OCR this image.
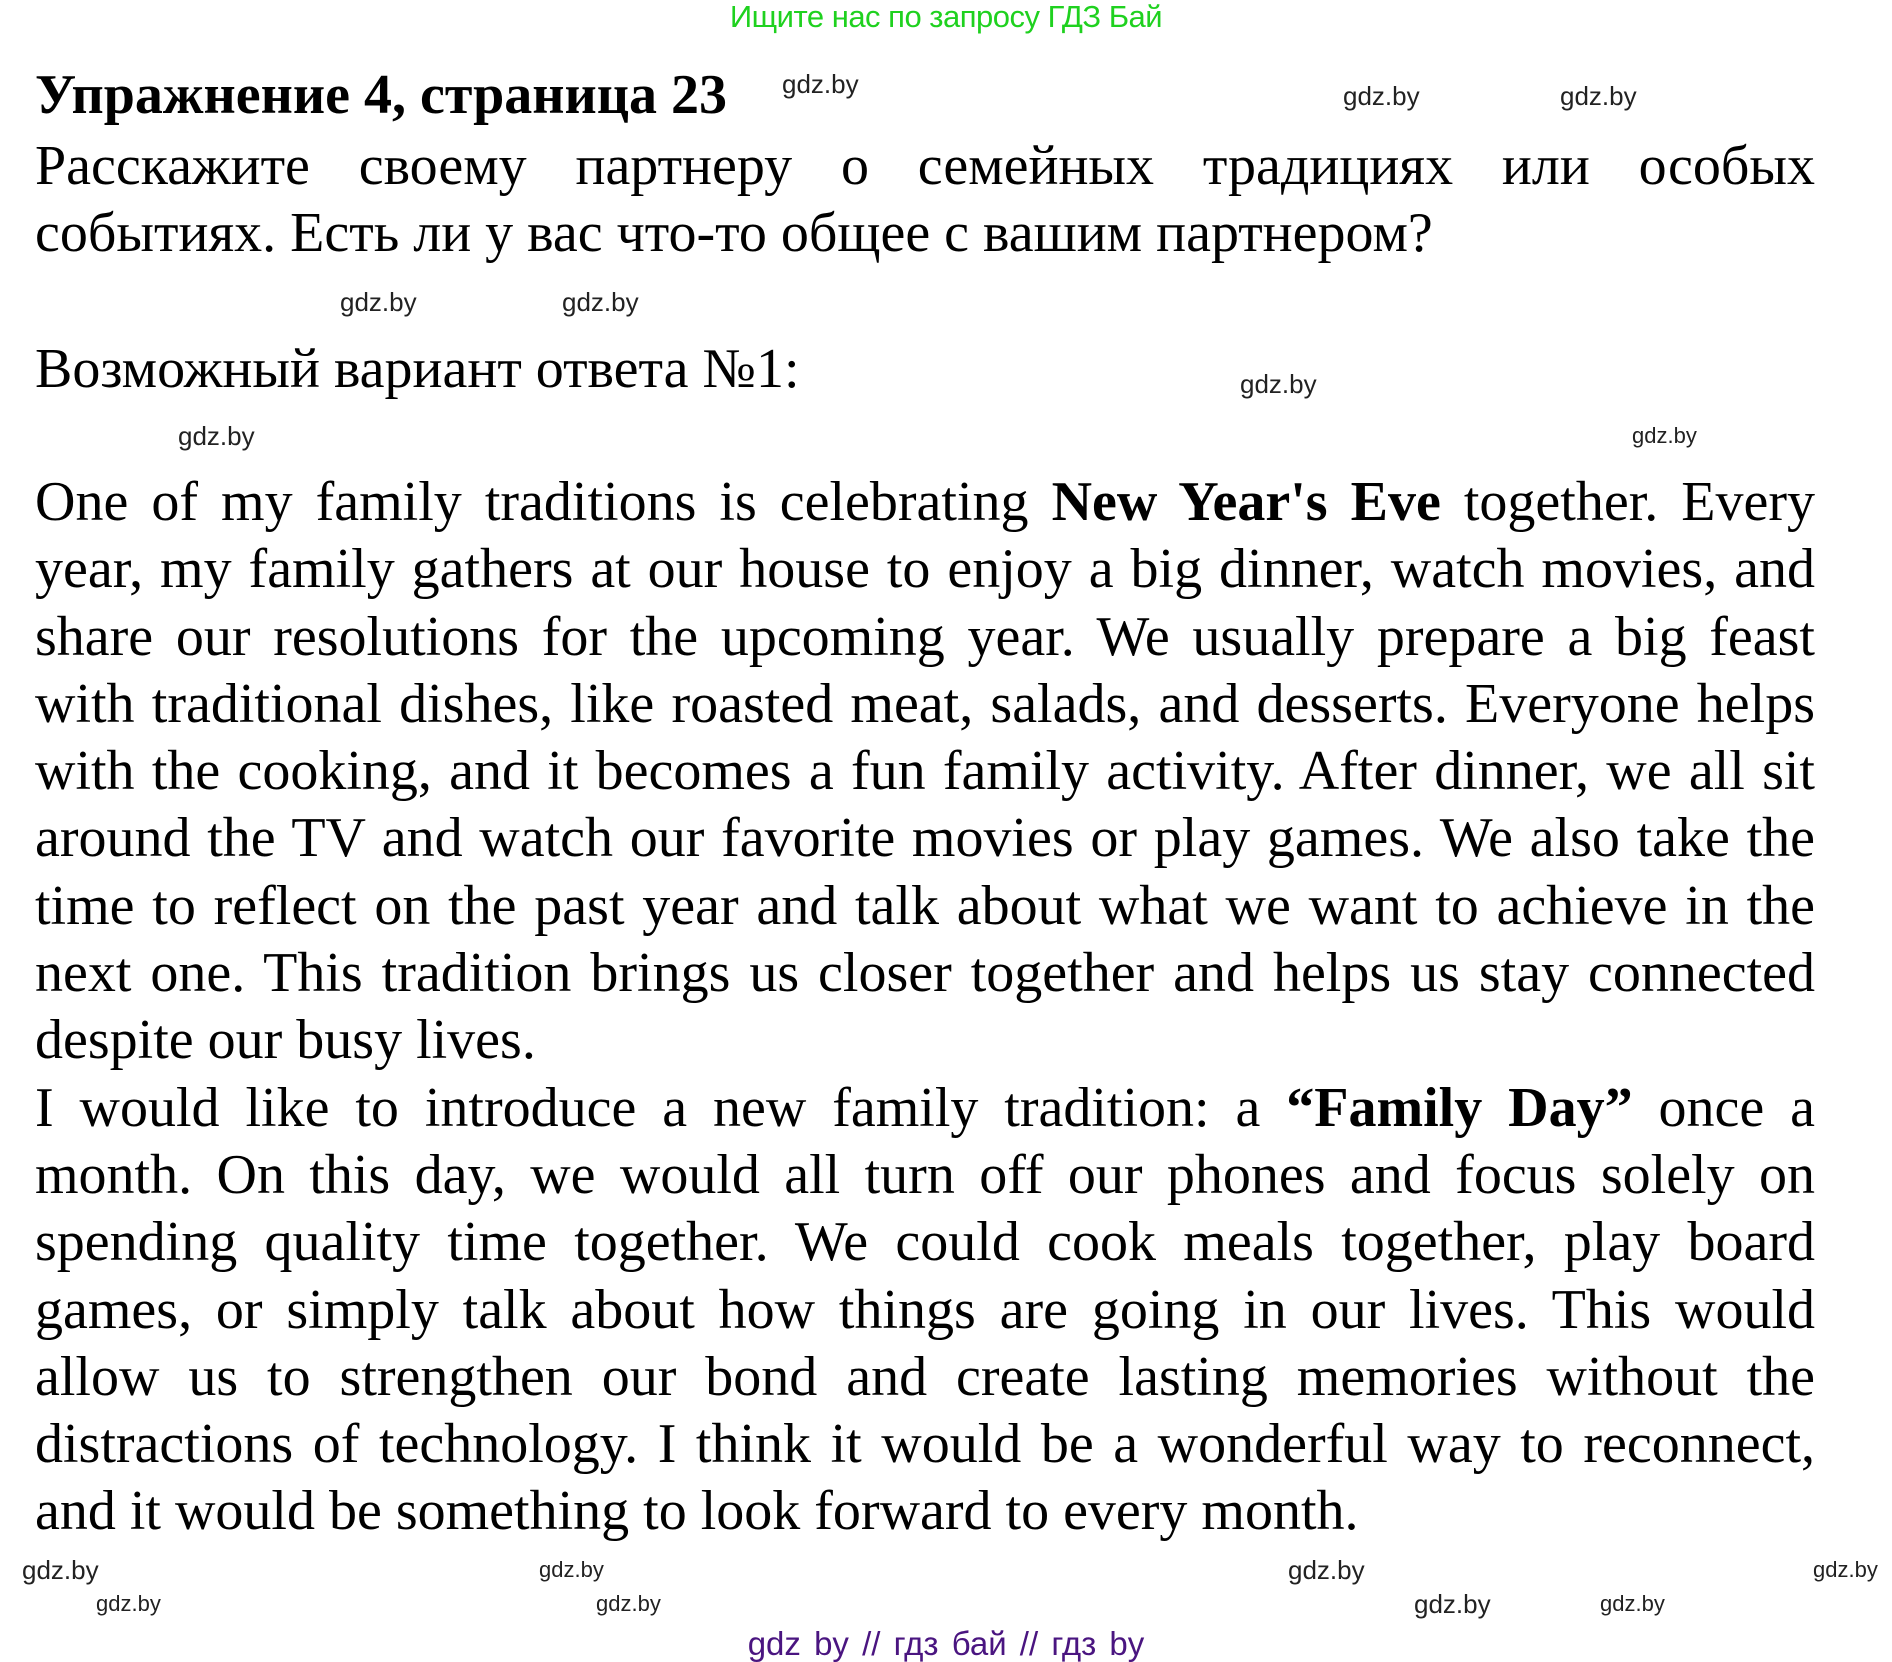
Ищите нас по запросу ГДЗ Бай
Упражнение 4, страница 23

Расскажите своему партнеру о семейных традициях или особых событиях. Есть ли у вас что-то общее с вашим партнером?

Возможный вариант ответа №1:

One of my family traditions is celebrating New Year's Eve together. Every year, my family gathers at our house to enjoy a big dinner, watch movies, and share our resolutions for the upcoming year. We usually prepare a big feast with traditional dishes, like roasted meat, salads, and desserts. Everyone helps with the cooking, and it becomes a fun family activity. After dinner, we all sit around the TV and watch our favorite movies or play games. We also take the time to reflect on the past year and talk about what we want to achieve in the next one. This tradition brings us closer together and helps us stay connected despite our busy lives.

I would like to introduce a new family tradition: a “Family Day” once a month. On this day, we would all turn off our phones and focus solely on spending quality time together. We could cook meals together, play board games, or simply talk about how things are going in our lives. This would allow us to strengthen our bond and create lasting memories without the distractions of technology. I think it would be a wonderful way to reconnect, and it would be something to look forward to every month.

gdz.by	gdz.by	gdz.by
gdz.by	gdz.by
gdz.by
gdz.by	gdz.by
gdz.by	gdz.by	gdz.by	gdz.by
gdz.by	gdz.by	gdz.by	gdz.by
gdz by // гдз бай // гдз by
